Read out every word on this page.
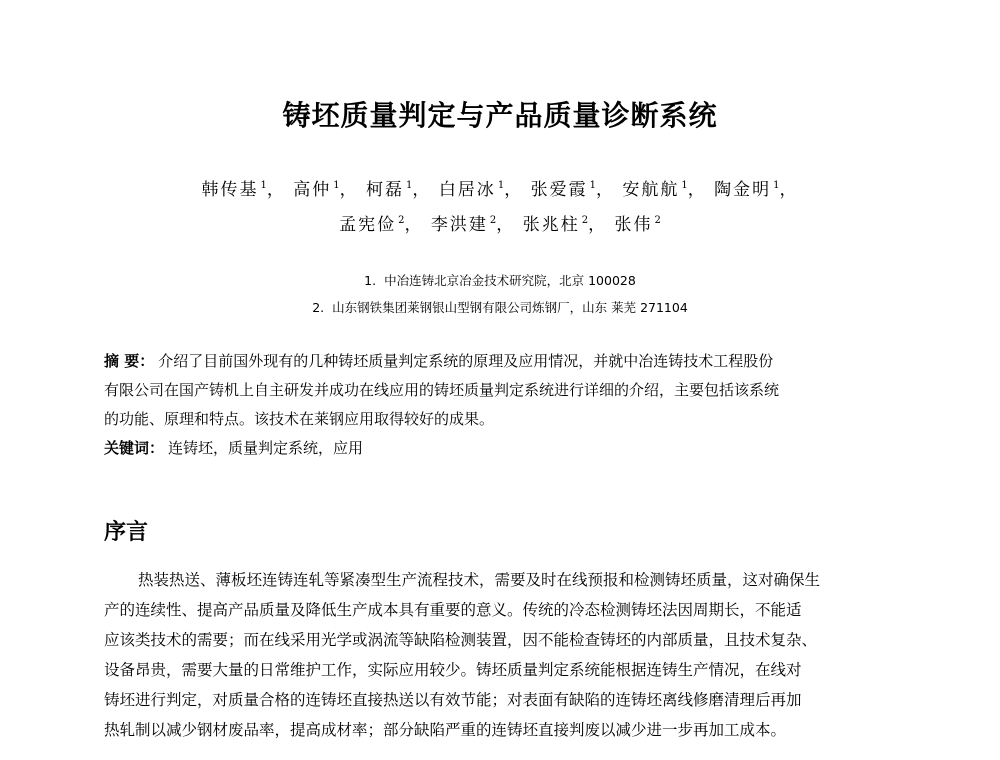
铸坯质量判定与产品质量诊断系统
韩传基 $^1$， 高仲 $^1$， 柯磊 $^1$， 白居冰 $^1$， 张爱霞 $^1$， 安航航 $^1$， 陶金明 $^1$，
孟宪俭 $^2$， 李洪建 $^2$， 张兆柱 $^2$， 张伟 $^2$
1. 中冶连铸北京冶金技术研究院，北京 100028
2. 山东钢铁集团莱钢银山型钢有限公司炼钢厂，山东 莱芜 271104
摘 要： 介绍了目前国外现有的几种铸坯质量判定系统的原理及应用情况，并就中冶连铸技术工程股份
有限公司在国产铸机上自主研发并成功在线应用的铸坯质量判定系统进行详细的介绍，主要包括该系统
的功能、原理和特点。该技术在莱钢应用取得较好的成果。
关键词： 连铸坯，质量判定系统，应用
序言
热装热送、薄板坯连铸连轧等紧凑型生产流程技术，需要及时在线预报和检测铸坯质量，这对确保生
产的连续性、提高产品质量及降低生产成本具有重要的意义。传统的冷态检测铸坯法因周期长，不能适
应该类技术的需要；而在线采用光学或涡流等缺陷检测装置，因不能检查铸坯的内部质量，且技术复杂、
设备昂贵，需要大量的日常维护工作，实际应用较少。铸坯质量判定系统能根据连铸生产情况，在线对
铸坯进行判定，对质量合格的连铸坯直接热送以有效节能；对表面有缺陷的连铸坯离线修磨清理后再加
热轧制以减少钢材废品率，提高成材率；部分缺陷严重的连铸坯直接判废以减少进一步再加工成本。
